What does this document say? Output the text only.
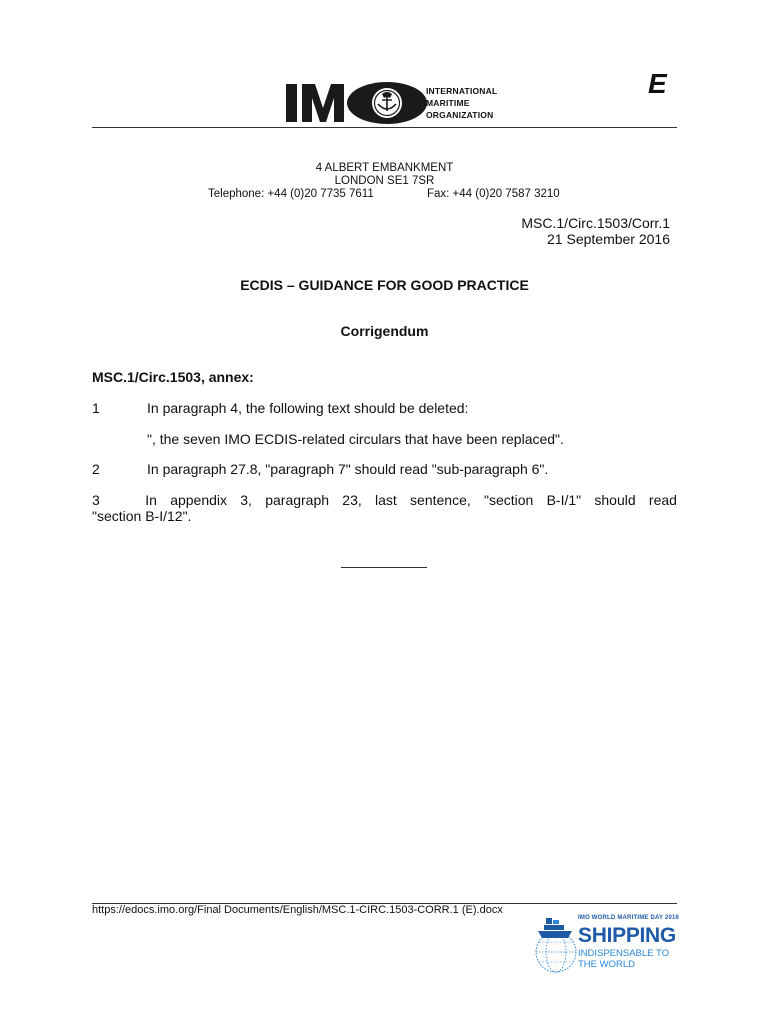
INTERNATIONAL
MARITIME
ORGANIZATION
E
4 ALBERT EMBANKMENT
LONDON SE1 7SR
Telephone: +44 (0)20 7735 7611	Fax: +44 (0)20 7587 3210
MSC.1/Circ.1503/Corr.1
21 September 2016
ECDIS – GUIDANCE FOR GOOD PRACTICE
Corrigendum
MSC.1/Circ.1503, annex:
1	In paragraph 4, the following text should be deleted:
", the seven IMO ECDIS-related circulars that have been replaced".
2	In paragraph 27.8, "paragraph 7" should read "sub-paragraph 6".
3	In appendix 3, paragraph 23, last sentence, "section B-I/1" should read
"section B-I/12".
https://edocs.imo.org/Final Documents/English/MSC.1-CIRC.1503-CORR.1 (E).docx
IMO WORLD MARITIME DAY 2016
SHIPPING
INDISPENSABLE TO
THE WORLD
